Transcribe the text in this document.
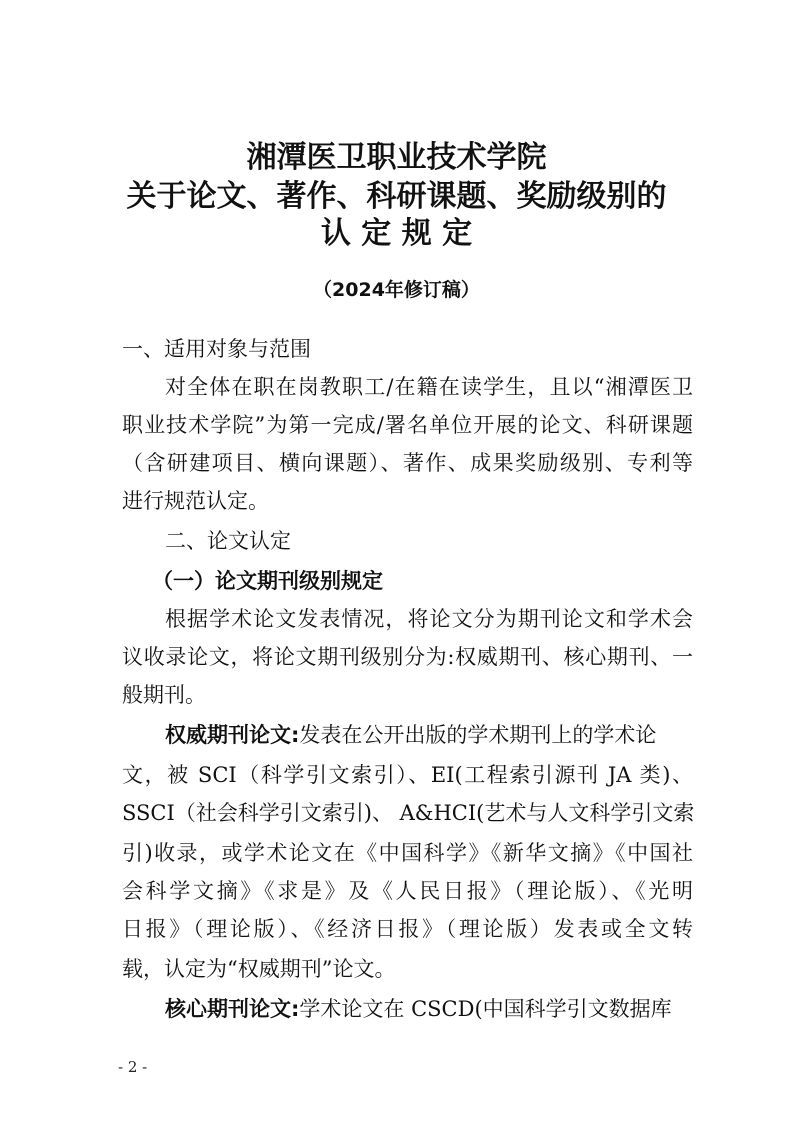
湘潭医卫职业技术学院
关于论文、著作、科研课题、奖励级别的
认 定 规 定
（2024年修订稿）
一、适用对象与范围
对全体在职在岗教职工/在籍在读学生，且以“湘潭医卫
职业技术学院”为第一完成/署名单位开展的论文、科研课题
（含研建项目、横向课题）、著作、成果奖励级别、专利等
进行规范认定。
二、论文认定
（一）论文期刊级别规定
根据学术论文发表情况，将论文分为期刊论文和学术会
议收录论文，将论文期刊级别分为:权威期刊、核心期刊、一
般期刊。
权威期刊论文:发表在公开出版的学术期刊上的学术论
文，被 SCI（科学引文索引）、EI(工程索引源刊 JA 类)、
SSCI（社会科学引文索引)、 A&HCI(艺术与人文科学引文索
引)收录，或学术论文在《中国科学》《新华文摘》《中国社
会科学文摘》《求是》及《人民日报》（理论版）、《光明
日报》（理论版）、《经济日报》（理论版）发表或全文转
载，认定为“权威期刊”论文。
核心期刊论文:学术论文在 CSCD(中国科学引文数据库
- 2 -
